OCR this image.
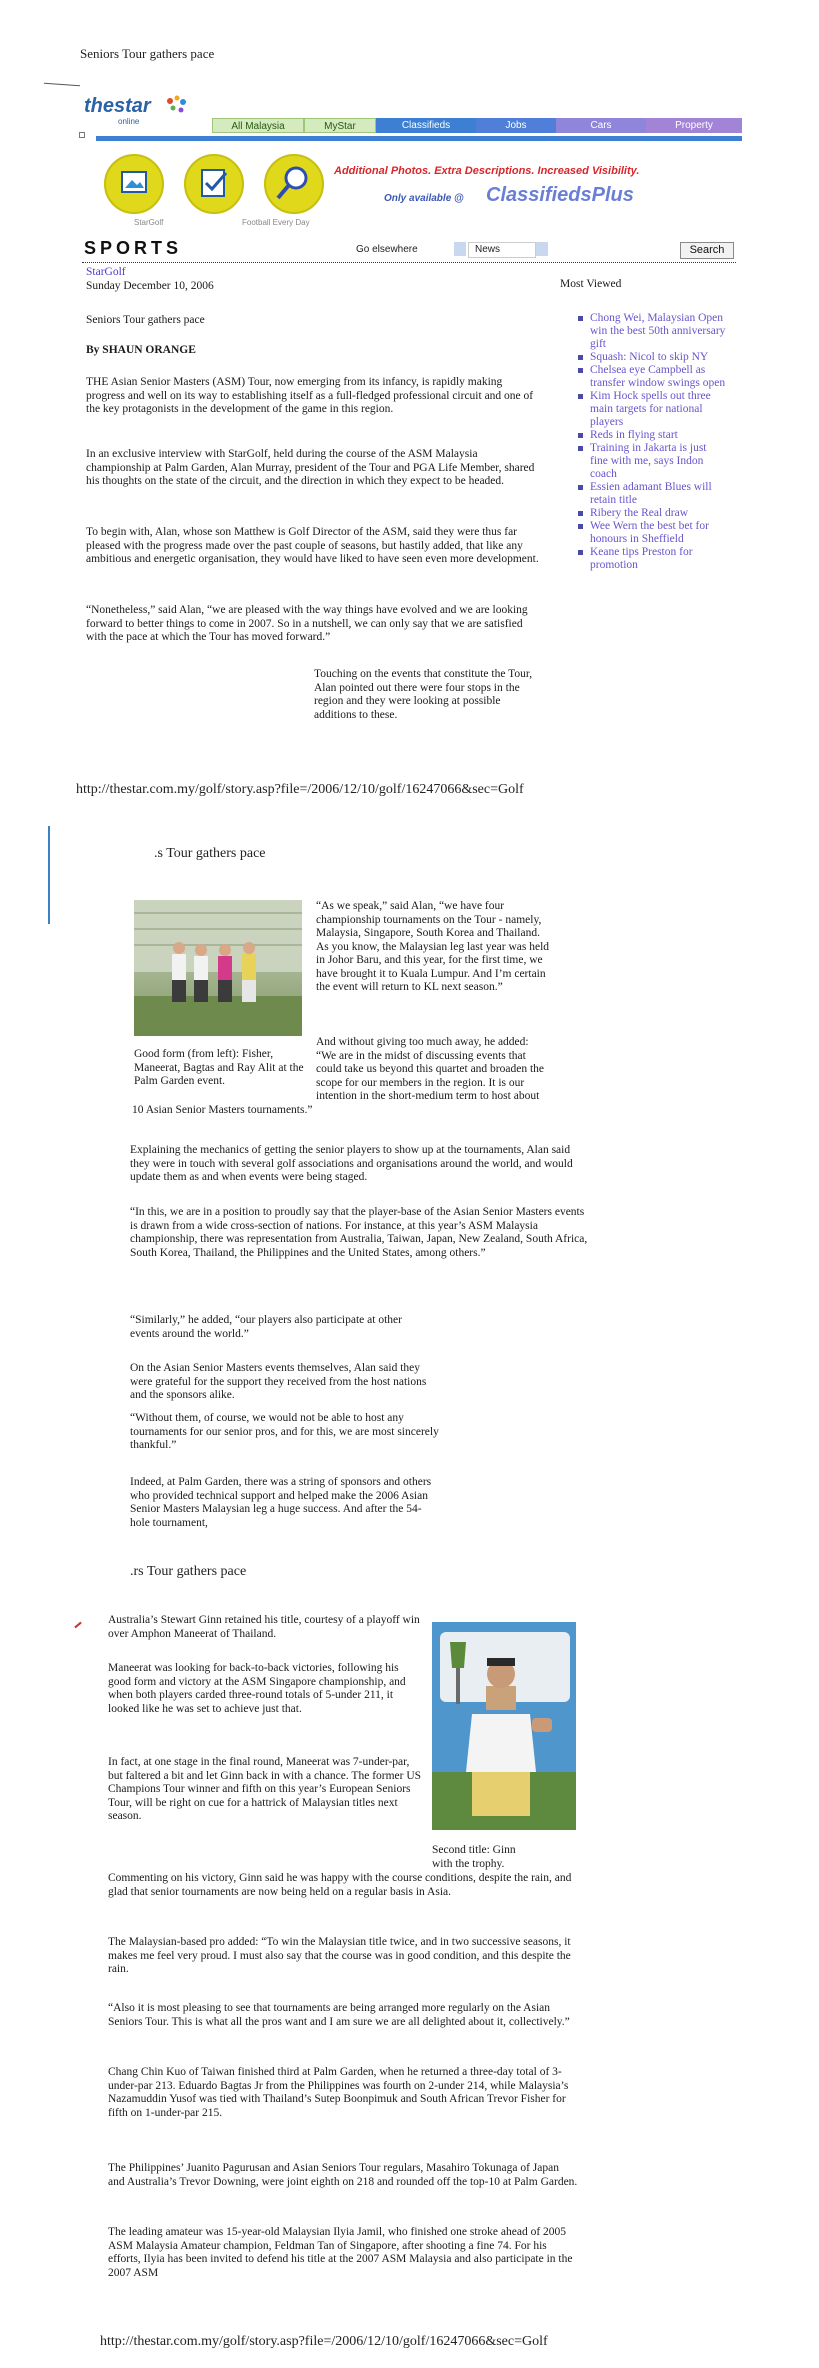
Seniors Tour gathers pace
thestar
online	All Malaysia	MyStar	Classifieds	Jobs	Cars	Property
StarGolf	Football Every Day
Additional Photos. Extra Descriptions. Increased Visibility.
Only available @ ClassifiedsPlus
SPORTS	Go elsewhere	News	Search
StarGolf
Sunday December 10, 2006
Seniors Tour gathers pace
By SHAUN ORANGE
THE Asian Senior Masters (ASM) Tour, now emerging from its infancy, is rapidly making progress and well on its way to establishing itself as a full-fledged professional circuit and one of the key protagonists in the development of the game in this region.
In an exclusive interview with StarGolf, held during the course of the ASM Malaysia championship at Palm Garden, Alan Murray, president of the Tour and PGA Life Member, shared his thoughts on the state of the circuit, and the direction in which they expect to be headed.
To begin with, Alan, whose son Matthew is Golf Director of the ASM, said they were thus far pleased with the progress made over the past couple of seasons, but hastily added, that like any ambitious and energetic organisation, they would have liked to have seen even more development.
“Nonetheless,” said Alan, “we are pleased with the way things have evolved and we are looking forward to better things to come in 2007. So in a nutshell, we can only say that we are satisfied with the pace at which the Tour has moved forward.”
Touching on the events that constitute the Tour, Alan pointed out there were four stops in the region and they were looking at possible additions to these.
Most Viewed
Chong Wei, Malaysian Open win the best 50th anniversary gift
Squash: Nicol to skip NY
Chelsea eye Campbell as transfer window swings open
Kim Hock spells out three main targets for national players
Reds in flying start
Training in Jakarta is just fine with me, says Indon coach
Essien adamant Blues will retain title
Ribery the Real draw
Wee Wern the best bet for honours in Sheffield
Keane tips Preston for promotion
http://thestar.com.my/golf/story.asp?file=/2006/12/10/golf/16247066&sec=Golf
.s Tour gathers pace
Good form (from left): Fisher, Maneerat, Bagtas and Ray Alit at the Palm Garden event.
“As we speak,” said Alan, “we have four championship tournaments on the Tour - namely, Malaysia, Singapore, South Korea and Thailand. As you know, the Malaysian leg last year was held in Johor Baru, and this year, for the first time, we have brought it to Kuala Lumpur. And I’m certain the event will return to KL next season.”
And without giving too much away, he added: “We are in the midst of discussing events that could take us beyond this quartet and broaden the scope for our members in the region. It is our intention in the short-medium term to host about
10 Asian Senior Masters tournaments.”
Explaining the mechanics of getting the senior players to show up at the tournaments, Alan said they were in touch with several golf associations and organisations around the world, and would update them as and when events were being staged.
“In this, we are in a position to proudly say that the player-base of the Asian Senior Masters events is drawn from a wide cross-section of nations. For instance, at this year’s ASM Malaysia championship, there was representation from Australia, Taiwan, Japan, New Zealand, South Africa, South Korea, Thailand, the Philippines and the United States, among others.”
“Similarly,” he added, “our players also participate at other events around the world.”
On the Asian Senior Masters events themselves, Alan said they were grateful for the support they received from the host nations and the sponsors alike.
“Without them, of course, we would not be able to host any tournaments for our senior pros, and for this, we are most sincerely thankful.”
Indeed, at Palm Garden, there was a string of sponsors and others who provided technical support and helped make the 2006 Asian Senior Masters Malaysian leg a huge success. And after the 54-hole tournament,
.rs Tour gathers pace
Australia’s Stewart Ginn retained his title, courtesy of a playoff win over Amphon Maneerat of Thailand.
Maneerat was looking for back-to-back victories, following his good form and victory at the ASM Singapore championship, and when both players carded three-round totals of 5-under 211, it looked like he was set to achieve just that.
In fact, at one stage in the final round, Maneerat was 7-under-par, but faltered a bit and let Ginn back in with a chance. The former US Champions Tour winner and fifth on this year’s European Seniors Tour, will be right on cue for a hattrick of Malaysian titles next season.
Second title: Ginn with the trophy.
Commenting on his victory, Ginn said he was happy with the course conditions, despite the rain, and glad that senior tournaments are now being held on a regular basis in Asia.
The Malaysian-based pro added: “To win the Malaysian title twice, and in two successive seasons, it makes me feel very proud. I must also say that the course was in good condition, and this despite the rain.
“Also it is most pleasing to see that tournaments are being arranged more regularly on the Asian Seniors Tour. This is what all the pros want and I am sure we are all delighted about it, collectively.”
Chang Chin Kuo of Taiwan finished third at Palm Garden, when he returned a three-day total of 3-under-par 213. Eduardo Bagtas Jr from the Philippines was fourth on 2-under 214, while Malaysia’s Nazamuddin Yusof was tied with Thailand’s Sutep Boonpimuk and South African Trevor Fisher for fifth on 1-under-par 215.
The Philippines’ Juanito Pagurusan and Asian Seniors Tour regulars, Masahiro Tokunaga of Japan and Australia’s Trevor Downing, were joint eighth on 218 and rounded off the top-10 at Palm Garden.
The leading amateur was 15-year-old Malaysian Ilyia Jamil, who finished one stroke ahead of 2005 ASM Malaysia Amateur champion, Feldman Tan of Singapore, after shooting a fine 74. For his efforts, Ilyia has been invited to defend his title at the 2007 ASM Malaysia and also participate in the 2007 ASM
http://thestar.com.my/golf/story.asp?file=/2006/12/10/golf/16247066&sec=Golf
